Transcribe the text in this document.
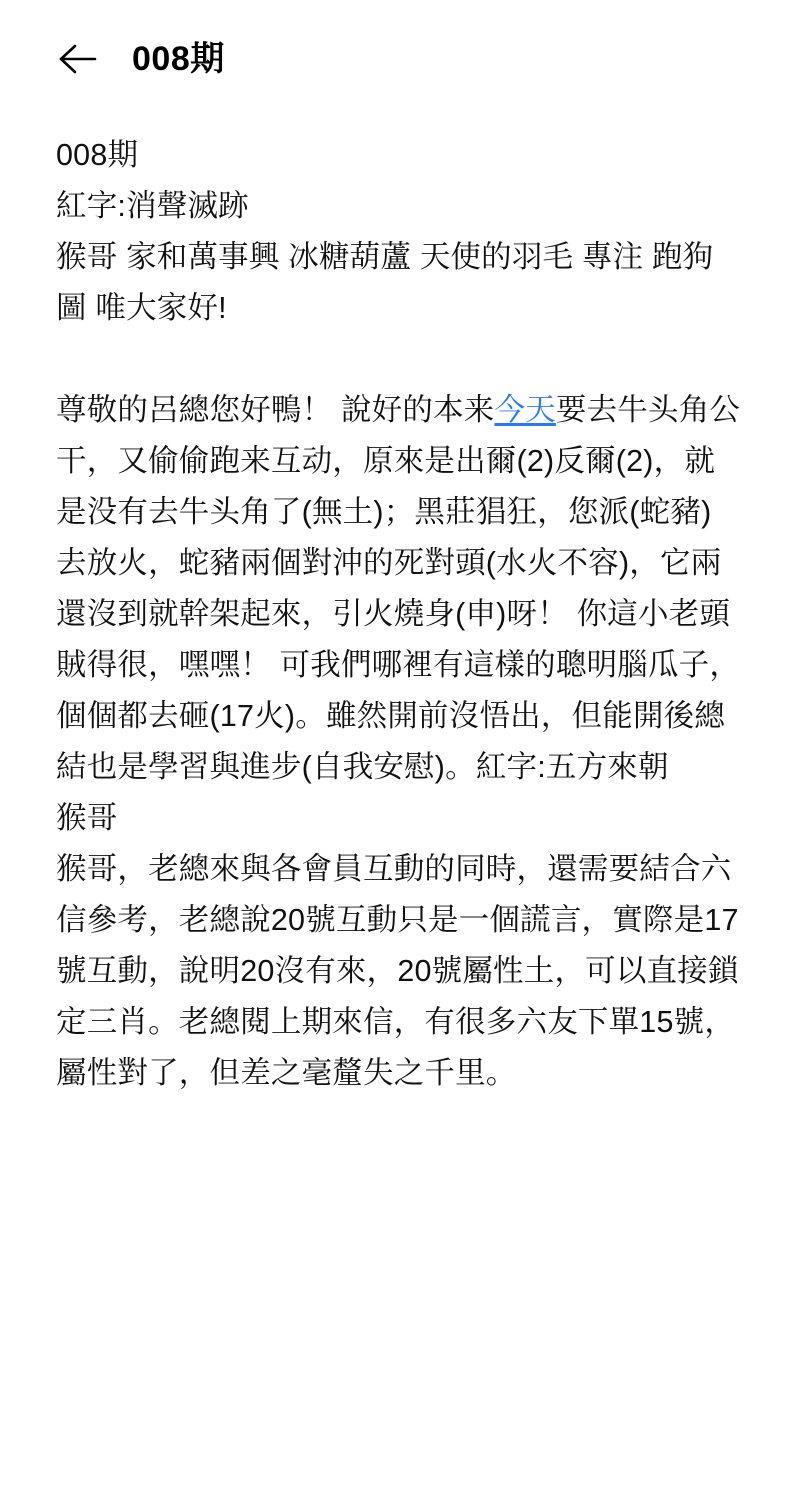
008期

008期

紅字:消聲滅跡

猴哥 家和萬事興 冰糖葫蘆 天使的羽毛 專注 跑狗圖 唯大家好!

尊敬的呂總您好鴨！ 說好的本来今天要去牛头角公干，又偷偷跑来互动，原來是出爾(2)反爾(2)，就是没有去牛头角了(無土)；黑莊猖狂，您派(蛇豬)去放火，蛇豬兩個對沖的死對頭(水火不容)，它兩還沒到就幹架起來，引火燒身(申)呀！ 你這小老頭賊得很，嘿嘿！ 可我們哪裡有這樣的聰明腦瓜子，個個都去砸(17火)。雖然開前沒悟出，但能開後總結也是學習與進步(自我安慰)。紅字:五方來朝

猴哥

猴哥，老總來與各會員互動的同時，還需要結合六信參考，老總說20號互動只是一個謊言，實際是17號互動，說明20沒有來，20號屬性土，可以直接鎖定三肖。老總閱上期來信，有很多六友下單15號，屬性對了，但差之毫釐失之千里。
